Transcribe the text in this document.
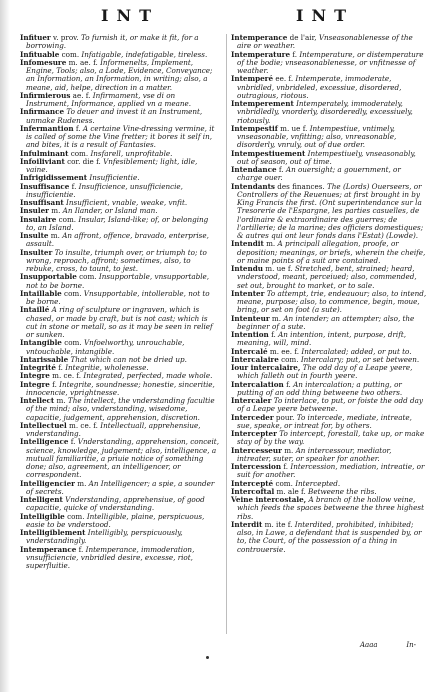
INT	INT
Infituer v. prov. To furnish it, or make it fit, for a borrowing.
Infituable com. Infatigable, indefatigable, tireless.
Infomesure m. ae. f. Informenelts, Implement, Engine, Tools; also, a Lode, Evidence, Conveyance; an Information, an Information, in writing; also, a meane, aid, helpe, direction in a matter.
Infirmierous ae. f. Infirmament, vse di on Instrument, Informance, applied vn a meane.
Infirmance To deuer and invest it an Instrument, unmake Rudeness.
Infermantion f. A certaine Vine-dressing vermine, it is called of some the Vine fretter; it bores it self in, and bites, it is a result of Fantasies.
Infulminant com. Insfarell, unprofitable.
Infoiliviant cor. die f. Vnfesiblement; light, idle, vaine.
Infrigidissement Insufficientie.
Insuffisance f. Insufficience, unsufficiencie, insufficientie.
Insuffisant Insufficient, vnable, weake, vnfit.
Insuler m. An Ilander, or Island man.
Insulaire com. Insular, Island-like; of, or belonging to, an Island.
Insulte m. An affront, offence, bravado, enterprise, assault.
Insulter To insulte, triumph over, or triumph to; to wrong, reproach, affront; sometimes, also, to rebuke, cross, to taunt, to jest.
Insupportable com. Insupportable, vnsupportable, not to be borne.
Intaillable com. Vnsupportable, intollerable, not to be borne.
Intaillé A ring of sculpture or ingraven, which is chased, or made by craft, but is not cast; which is cut in stone or metall, so as it may be seen in relief or sunken.
Intangible com. Vnfoelworthy, unrouchable, vntouchable, intangible.
Intarissable That which can not be dried up.
Integrité f. Integritie, wholenesse.
Integre m. ce. f. Integrated, perfected, made whole.
Integre f. Integrite, soundnesse; honestie, sinceritie, innocencie, vprightnesse.
Intellect m. The intellect, the vnderstanding facultie of the mind; also, vnderstanding, wisedome, capacitie, judgement, apprehension, discretion.
Intellectuel m. ce. f. Intellectuall, apprehensiue, vnderstanding.
Intelligence f. Vnderstanding, apprehension, conceit, science, knowledge, judgement; also, intelligence, a mutuall familiaritie, a priuie notice of something done; also, agreement, an intelligencer, or correspondent.
Intelligencier m. An Intelligencer; a spie, a sounder of secrets.
Intelligent Vnderstanding, apprehensiue, of good capacitie, quicke of vnderstanding.
Intelligible com. Intelligible, plaine, perspicuous, easie to be vnderstood.
Intelligiblement Intelligibly, perspicuously, vnderstandingly.
Intemperance f. Intemperance, immoderation, vnsufficiencie, vnbridled desire, excesse, riot, superfluitie.
Intemperance de l'air, Vnseasonablenesse of the aire or weather.
Intemperature f. Intemperature, or distemperature of the bodie; vnseasonablenesse, or vnfitnesse of weather.
Intemperé ee. f. Intemperate, immoderate, vnbridled, vnbrideled, excessiue, disordered, outragious, riotous.
Intemperement Intemperately, immoderately, vnbridledly, vnorderly, disorderedly, excessiuely, riotously.
Intempestif m. ue f. Intempestiue, vntimely, vnseasonable, vnfitting; also, vnreasonable, disorderly, vnruly, out of due order.
Intempestiuement Intempestiuely, vnseasonably, out of season, out of time.
Intendance f. An ouersight; a gouernment, or charge ouer.
Intendants des finances. The (Lords) Ouerseers, or Controllers of the Reuenues; at first brought in by King Francis the first. (Ont superintendance sur la Tresorerie de l'Espargne, les parties casuelles, de l'ordinaire & extraordinaire des guerres; de l'artillerie; de la marine; des officiers domestiques; & autres qui ont leur fonds dans l'Estat) (Lowde).
Intendit m. A principall allegation, proofe, or deposition; meanings, or briefs, wherein the cheife, or maine points of a suit are contained.
Intendu m. ue f. Stretched, bent, strained; heard, vnderstood, meant, perceiued; also, commended, set out, brought to market, or to sale.
Intenter To attempt, trie, endeauour; also, to intend, meane, purpose; also, to commence, begin, moue, bring, or set on foot (a sute).
Intenteur m. An intender; an attempter; also, the beginner of a sute.
Intention f. An intention, intent, purpose, drift, meaning, will, mind.
Intercalé m. ee. f. Intercalated; added, or put to.
Intercalaire com. Intercalary; put, or set between.
Iour intercalaire, The odd day of a Leape yeere, which falleth out in fourth yeere.
Intercalation f. An intercalation; a putting, or putting of an odd thing betweene two others.
Intercaler To interlace, to put, or foiste the odd day of a Leape yeere betweene.
Interceder pour. To intercede, mediate, intreate, sue, speake, or intreat for, by others.
Intercepter To intercept, forestall, take up, or make stay of by the way.
Intercesseur m. An intercessour, mediator, intreater, suter, or speaker for another.
Intercession f. Intercession, mediation, intreatie, or suit for another.
Intercepté com. Intercepted.
Intercoftal m. ale f. Betweene the ribs.
Veine intercostale, A branch of the hollow veine, which feeds the spaces betweene the three highest ribs.
Interdit m. ite f. Interdited, prohibited, inhibited; also, in Lawe, a defendant that is suspended by, or to, the Court, of the possession of a thing in controuersie.
Aaaa	In-
